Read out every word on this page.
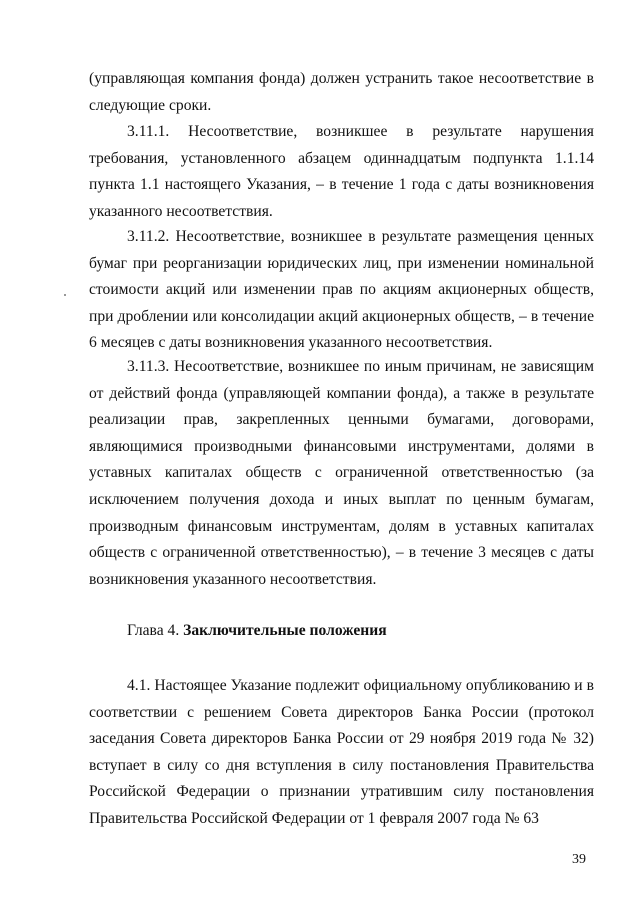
(управляющая компания фонда) должен устранить такое несоответствие в следующие сроки.

3.11.1. Несоответствие, возникшее в результате нарушения требования, установленного абзацем одиннадцатым подпункта 1.1.14 пункта 1.1 настоящего Указания, – в течение 1 года с даты возникновения указанного несоответствия.

3.11.2. Несоответствие, возникшее в результате размещения ценных бумаг при реорганизации юридических лиц, при изменении номинальной стоимости акций или изменении прав по акциям акционерных обществ, при дроблении или консолидации акций акционерных обществ, – в течение 6 месяцев с даты возникновения указанного несоответствия.

3.11.3. Несоответствие, возникшее по иным причинам, не зависящим от действий фонда (управляющей компании фонда), а также в результате реализации прав, закрепленных ценными бумагами, договорами, являющимися производными финансовыми инструментами, долями в уставных капиталах обществ с ограниченной ответственностью (за исключением получения дохода и иных выплат по ценным бумагам, производным финансовым инструментам, долям в уставных капиталах обществ с ограниченной ответственностью), – в течение 3 месяцев с даты возникновения указанного несоответствия.

Глава 4. Заключительные положения

4.1. Настоящее Указание подлежит официальному опубликованию и в соответствии с решением Совета директоров Банка России (протокол заседания Совета директоров Банка России от 29 ноября 2019 года № 32) вступает в силу со дня вступления в силу постановления Правительства Российской Федерации о признании утратившим силу постановления Правительства Российской Федерации от 1 февраля 2007 года № 63

39
